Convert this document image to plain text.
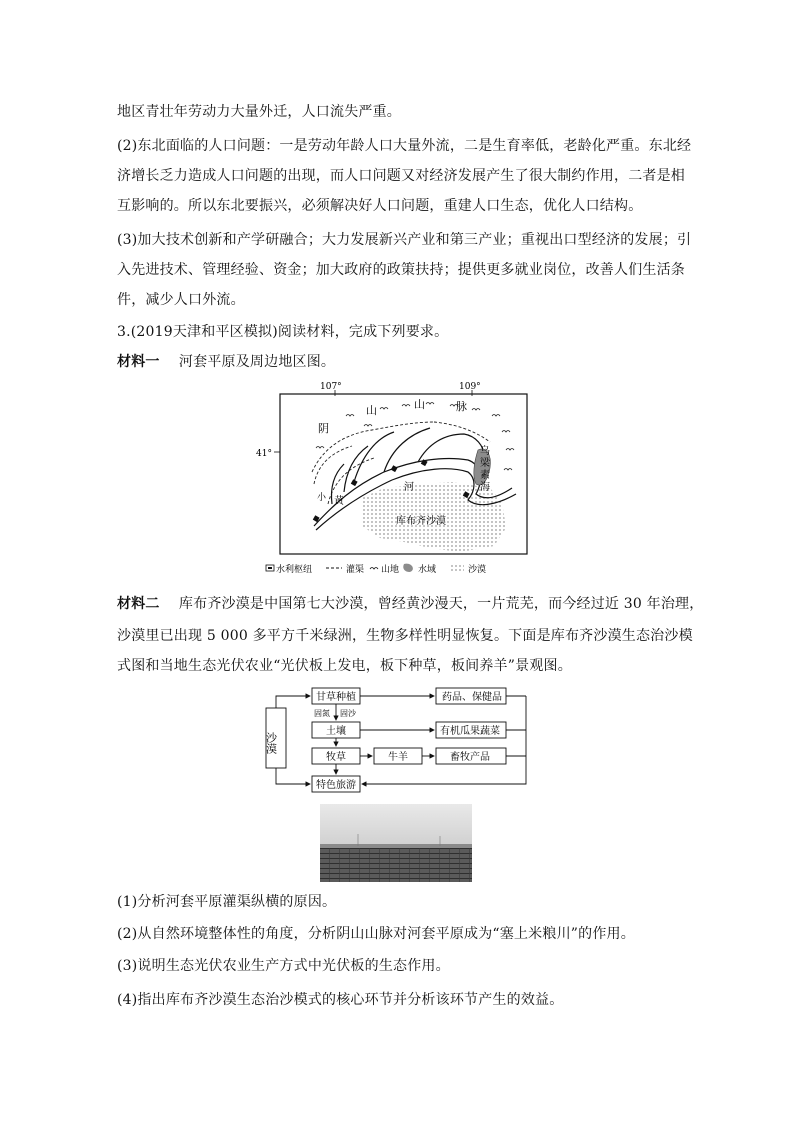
地区青壮年劳动力大量外迁，人口流失严重。
(2)东北面临的人口问题：一是劳动年龄人口大量外流，二是生育率低，老龄化严重。东北经
济增长乏力造成人口问题的出现，而人口问题又对经济发展产生了很大制约作用，二者是相
互影响的。所以东北要振兴，必须解决好人口问题，重建人口生态，优化人口结构。
(3)加大技术创新和产学研融合；大力发展新兴产业和第三产业；重视出口型经济的发展；引
入先进技术、管理经验、资金；加大政府的政策扶持；提供更多就业岗位，改善人们生活条
件，减少人口外流。
3.(2019天津和平区模拟)阅读材料，完成下列要求。
材料一 河套平原及周边地区图。
107°	109°
41°
阴
山	山	脉
黄
河
乌
梁
素
海
小
库布齐沙漠
水利枢纽	灌渠 山地 水域	沙漠
材料二 库布齐沙漠是中国第七大沙漠，曾经黄沙漫天，一片荒芜，而今经过近 30 年治理，
沙漠里已出现 5 000 多平方千米绿洲，生物多样性明显恢复。下面是库布齐沙漠生态治沙模
式图和当地生态光伏农业“光伏板上发电，板下种草，板间养羊”景观图。
沙漠
甘草种植
固氮 固沙
土壤
牧草	牛羊
特色旅游
药品、保健品
有机瓜果蔬菜
畜牧产品
(1)分析河套平原灌渠纵横的原因。
(2)从自然环境整体性的角度，分析阴山山脉对河套平原成为“塞上米粮川”的作用。
(3)说明生态光伏农业生产方式中光伏板的生态作用。
(4)指出库布齐沙漠生态治沙模式的核心环节并分析该环节产生的效益。
